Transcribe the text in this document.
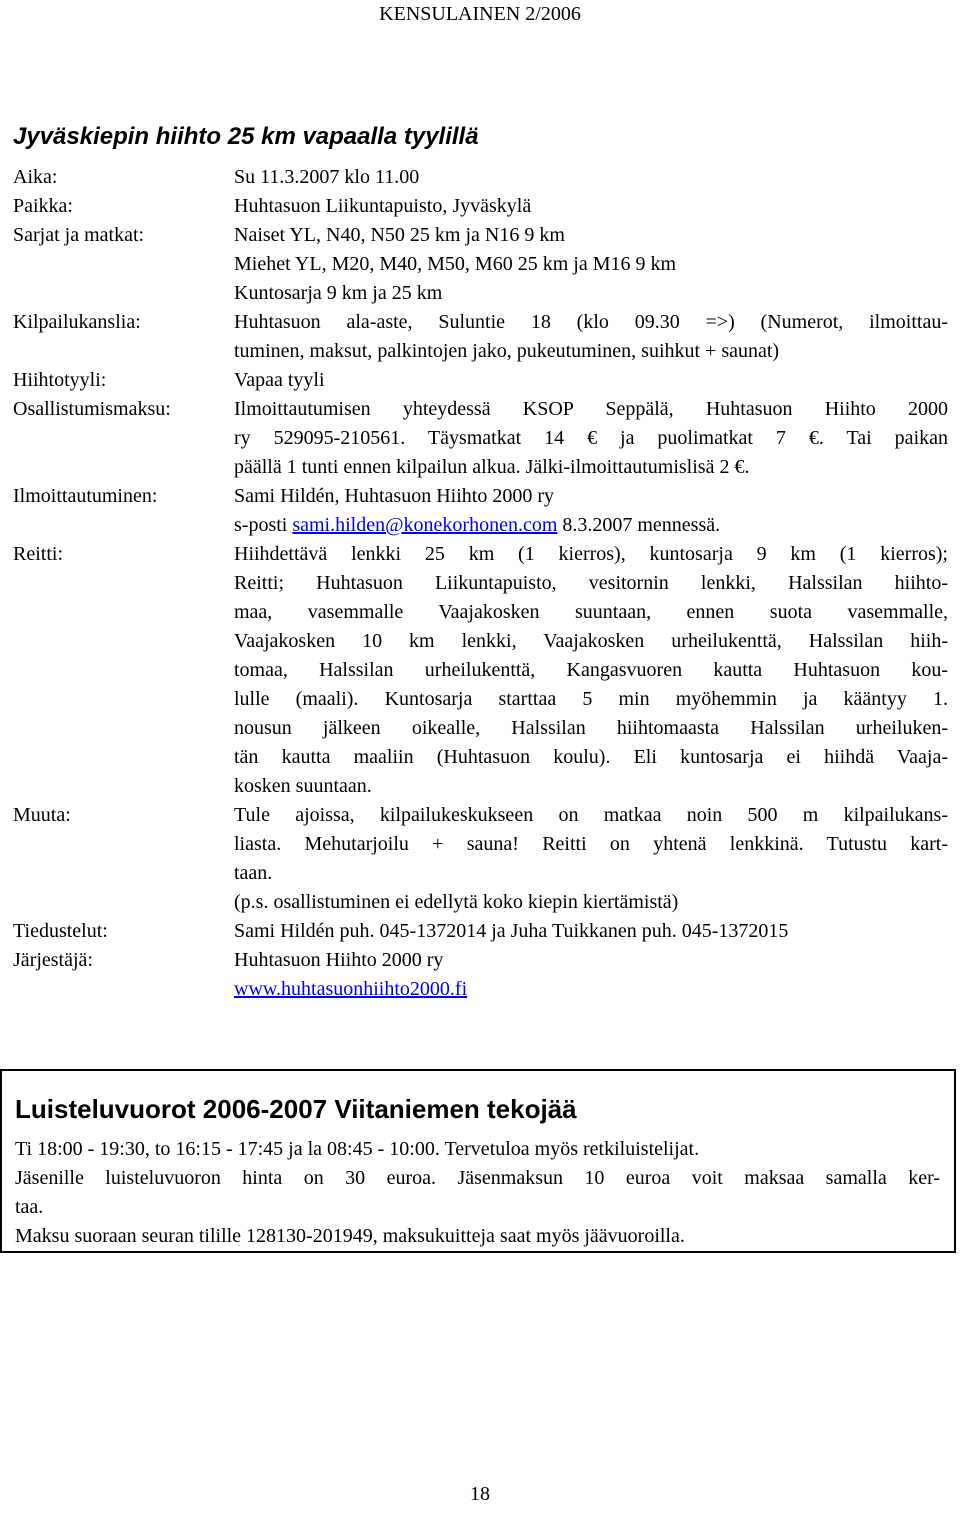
KENSULAINEN 2/2006
Jyväskiepin hiihto 25 km vapaalla tyylillä
Aika:	Su 11.3.2007 klo 11.00
Paikka:	Huhtasuon Liikuntapuisto, Jyväskylä
Sarjat ja matkat:	Naiset YL, N40, N50 25 km ja N16 9 km
Miehet YL, M20, M40, M50, M60 25 km ja M16 9 km
Kuntosarja 9 km ja 25 km
Kilpailukanslia:	Huhtasuon ala-aste, Suluntie 18 (klo 09.30 =>) (Numerot, ilmoittau-
tuminen, maksut, palkintojen jako, pukeutuminen, suihkut + saunat)
Hiihtotyyli:	Vapaa tyyli
Osallistumismaksu:	Ilmoittautumisen yhteydessä KSOP Seppälä, Huhtasuon Hiihto 2000
ry 529095-210561. Täysmatkat 14 € ja puolimatkat 7 €. Tai paikan
päällä 1 tunti ennen kilpailun alkua. Jälki-ilmoittautumislisä 2 €.
Ilmoittautuminen:	Sami Hildén, Huhtasuon Hiihto 2000 ry
s-posti sami.hilden@konekorhonen.com 8.3.2007 mennessä.
Reitti:	Hiihdettävä lenkki 25 km (1 kierros), kuntosarja 9 km (1 kierros);
Reitti; Huhtasuon Liikuntapuisto, vesitornin lenkki, Halssilan hiihto-
maa, vasemmalle Vaajakosken suuntaan, ennen suota vasemmalle,
Vaajakosken 10 km lenkki, Vaajakosken urheilukenttä, Halssilan hiih-
tomaa, Halssilan urheilukenttä, Kangasvuoren kautta Huhtasuon kou-
lulle (maali). Kuntosarja starttaa 5 min myöhemmin ja kääntyy 1.
nousun jälkeen oikealle, Halssilan hiihtomaasta Halssilan urheiluken-
tän kautta maaliin (Huhtasuon koulu). Eli kuntosarja ei hiihdä Vaaja-
kosken suuntaan.
Muuta:	Tule ajoissa, kilpailukeskukseen on matkaa noin 500 m kilpailukans-
liasta. Mehutarjoilu + sauna! Reitti on yhtenä lenkkinä. Tutustu kart-
taan.
(p.s. osallistuminen ei edellytä koko kiepin kiertämistä)
Tiedustelut:	Sami Hildén puh. 045-1372014 ja Juha Tuikkanen puh. 045-1372015
Järjestäjä:	Huhtasuon Hiihto 2000 ry
www.huhtasuonhiihto2000.fi
Luisteluvuorot 2006-2007 Viitaniemen tekojää
Ti 18:00 - 19:30, to 16:15 - 17:45 ja la 08:45 - 10:00. Tervetuloa myös retkiluistelijat.
Jäsenille luisteluvuoron hinta on 30 euroa. Jäsenmaksun 10 euroa voit maksaa samalla ker-
taa.
Maksu suoraan seuran tilille 128130-201949, maksukuitteja saat myös jäävuoroilla.
18
